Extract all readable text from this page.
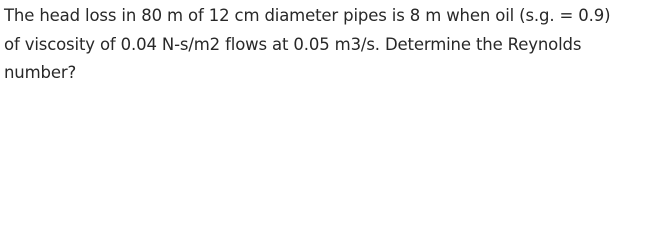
The head loss in 80 m of 12 cm diameter pipes is 8 m when oil (s.g. = 0.9)
of viscosity of 0.04 N-s/m2 flows at 0.05 m3/s. Determine the Reynolds
number?
